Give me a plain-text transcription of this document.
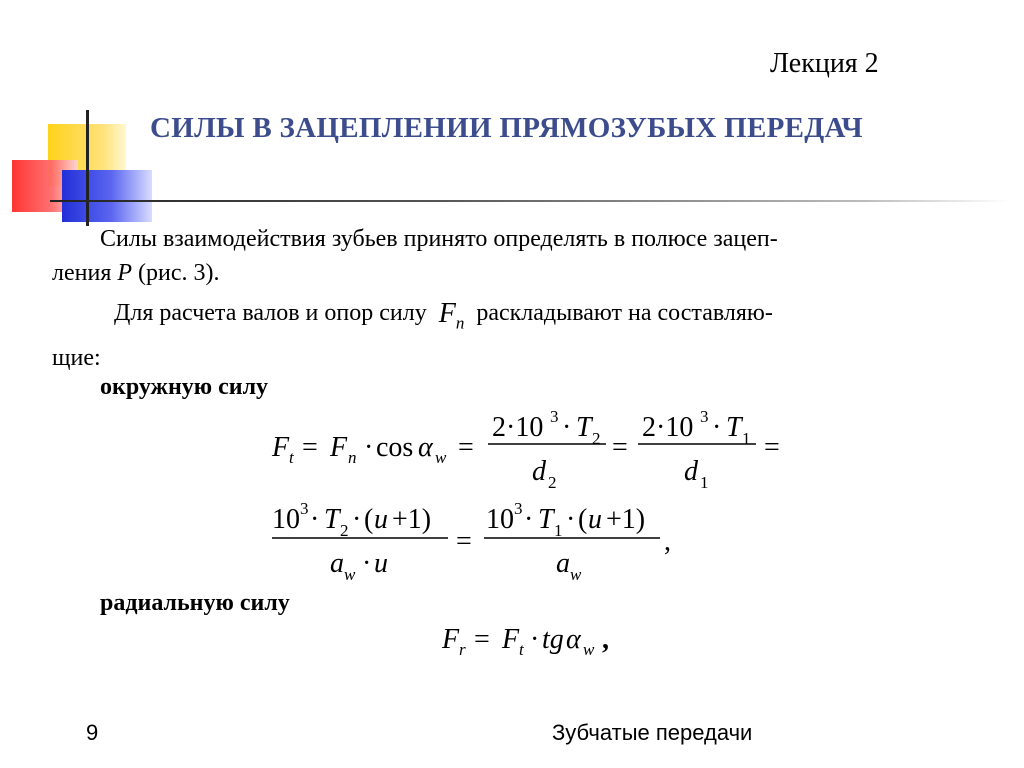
Лекция 2
СИЛЫ В ЗАЦЕПЛЕНИИ ПРЯМОЗУБЫХ ПЕРЕДАЧ
Силы взаимодействия зубьев принято определять в полюсе зацеп-
ления P (рис. 3).
Для расчета валов и опор силу $F_n$ раскладывают на составляю-
щие:
окружную силу
F t = F n · cos α w =
2·10 3 · T 2
d 2
=
2·10 3 · T 1
d 1
=
10 3 · T 2 · ( u +1)
a w · u
=
10 3 · T 1 · ( u +1)
a w
,
радиальную силу
F r = F t · tg α w ,
9	Зубчатые передачи
